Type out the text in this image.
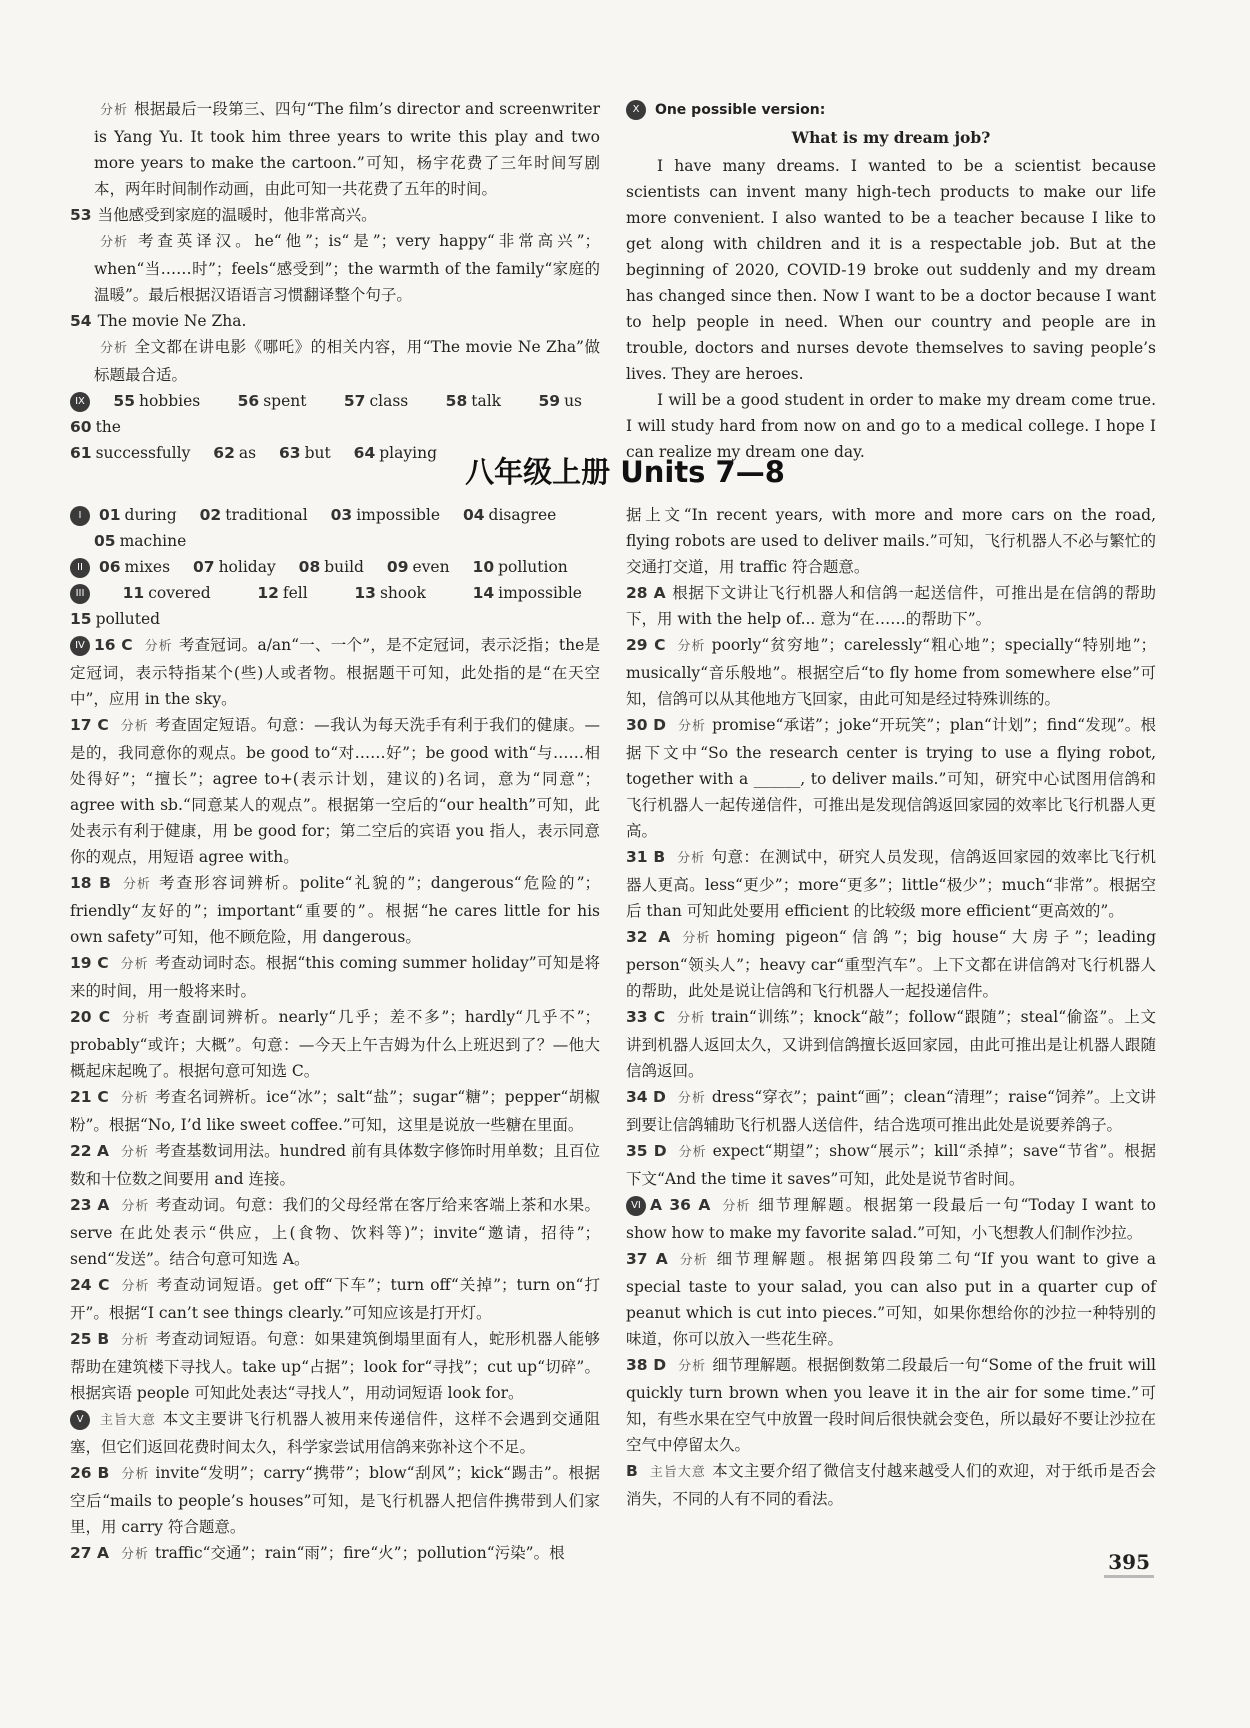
分析 根据最后一段第三、四句“The film’s director and screenwriter is Yang Yu. It took him three years to write this play and two more years to make the cartoon.”可知，杨宇花费了三年时间写剧本，两年时间制作动画，由此可知一共花费了五年的时间。
53 当他感受到家庭的温暖时，他非常高兴。
分析 考查英译汉。he“他”；is“是”；very happy“非常高兴”；when“当……时”；feels“感受到”；the warmth of the family“家庭的温暖”。最后根据汉语语言习惯翻译整个句子。
54 The movie Ne Zha.
分析 全文都在讲电影《哪吒》的相关内容，用“The movie Ne Zha”做标题最合适。
IX 55 hobbies 56 spent 57 class 58 talk 59 us 60 the
61 successfully 62 as 63 but 64 playing
X One possible version:
What is my dream job?

I have many dreams. I wanted to be a scientist because scientists can invent many high-tech products to make our life more convenient. I also wanted to be a teacher because I like to get along with children and it is a respectable job. But at the beginning of 2020, COVID-19 broke out suddenly and my dream has changed since then. Now I want to be a doctor because I want to help people in need. When our country and people are in trouble, doctors and nurses devote themselves to saving people’s lives. They are heroes.

I will be a good student in order to make my dream come true. I will study hard from now on and go to a medical college. I hope I can realize my dream one day.

八年级上册 Units 7—8
I 01 during 02 traditional 03 impossible 04 disagree
05 machine
II 06 mixes 07 holiday 08 build 09 even 10 pollution
III 11 covered	12 fell	13 shook	14 impossible 15 polluted
IV 16 C 分析 考查冠词。a/an“一、一个”，是不定冠词，表示泛指；the是定冠词，表示特指某个(些)人或者物。根据题干可知，此处指的是“在天空中”，应用 in the sky。
17 C 分析 考查固定短语。句意：—我认为每天洗手有利于我们的健康。—是的，我同意你的观点。be good to“对……好”；be good with“与……相处得好”；“擅长”；agree to+(表示计划，建议的)名词，意为“同意”；agree with sb.“同意某人的观点”。根据第一空后的“our health”可知，此处表示有利于健康，用 be good for；第二空后的宾语 you 指人，表示同意你的观点，用短语 agree with。
18 B 分析 考查形容词辨析。polite“礼貌的”；dangerous“危险的”；friendly“友好的”；important“重要的”。根据“he cares little for his own safety”可知，他不顾危险，用 dangerous。
19 C 分析 考查动词时态。根据“this coming summer holiday”可知是将来的时间，用一般将来时。
20 C 分析 考查副词辨析。nearly“几乎；差不多”；hardly“几乎不”；probably“或许；大概”。句意：—今天上午吉姆为什么上班迟到了？—他大概起床起晚了。根据句意可知选 C。
21 C 分析 考查名词辨析。ice“冰”；salt“盐”；sugar“糖”；pepper“胡椒粉”。根据“No, I’d like sweet coffee.”可知，这里是说放一些糖在里面。
22 A 分析 考查基数词用法。hundred 前有具体数字修饰时用单数；且百位数和十位数之间要用 and 连接。
23 A 分析 考查动词。句意：我们的父母经常在客厅给来客端上茶和水果。serve 在此处表示“供应，上(食物、饮料等)”；invite“邀请，招待”；send“发送”。结合句意可知选 A。
24 C 分析 考查动词短语。get off“下车”；turn off“关掉”；turn on“打开”。根据“I can’t see things clearly.”可知应该是打开灯。
25 B 分析 考查动词短语。句意：如果建筑倒塌里面有人，蛇形机器人能够帮助在建筑楼下寻找人。take up“占据”；look for“寻找”；cut up“切碎”。根据宾语 people 可知此处表达“寻找人”，用动词短语 look for。
V 主旨大意 本文主要讲飞行机器人被用来传递信件，这样不会遇到交通阻塞，但它们返回花费时间太久，科学家尝试用信鸽来弥补这个不足。
26 B 分析 invite“发明”；carry“携带”；blow“刮风”；kick“踢击”。根据空后“mails to people’s houses”可知，是飞行机器人把信件携带到人们家里，用 carry 符合题意。
27 A 分析 traffic“交通”；rain“雨”；fire“火”；pollution“污染”。根
据上文“In recent years, with more and more cars on the road, flying robots are used to deliver mails.”可知，飞行机器人不必与繁忙的交通打交道，用 traffic 符合题意。
28 A 根据下文讲让飞行机器人和信鸽一起送信件，可推出是在信鸽的帮助下，用 with the help of... 意为“在……的帮助下”。
29 C 分析 poorly“贫穷地”；carelessly“粗心地”；specially“特别地”；musically“音乐般地”。根据空后“to fly home from somewhere else”可知，信鸽可以从其他地方飞回家，由此可知是经过特殊训练的。
30 D 分析 promise“承诺”；joke“开玩笑”；plan“计划”；find“发现”。根据下文中“So the research center is trying to use a flying robot, together with a ______, to deliver mails.”可知，研究中心试图用信鸽和飞行机器人一起传递信件，可推出是发现信鸽返回家园的效率比飞行机器人更高。
31 B 分析 句意：在测试中，研究人员发现，信鸽返回家园的效率比飞行机器人更高。less“更少”；more“更多”；little“极少”；much“非常”。根据空后 than 可知此处要用 efficient 的比较级 more efficient“更高效的”。
32 A 分析 homing pigeon“信鸽”；big house“大房子”；leading person“领头人”；heavy car“重型汽车”。上下文都在讲信鸽对飞行机器人的帮助，此处是说让信鸽和飞行机器人一起投递信件。
33 C 分析 train“训练”；knock“敲”；follow“跟随”；steal“偷盗”。上文讲到机器人返回太久，又讲到信鸽擅长返回家园，由此可推出是让机器人跟随信鸽返回。
34 D 分析 dress“穿衣”；paint“画”；clean“清理”；raise“饲养”。上文讲到要让信鸽辅助飞行机器人送信件，结合选项可推出此处是说要养鸽子。
35 D 分析 expect“期望”；show“展示”；kill“杀掉”；save“节省”。根据下文“And the time it saves”可知，此处是说节省时间。
VI A 36 A 分析 细节理解题。根据第一段最后一句“Today I want to show how to make my favorite salad.”可知，小飞想教人们制作沙拉。
37 A 分析 细节理解题。根据第四段第二句“If you want to give a special taste to your salad, you can also put in a quarter cup of peanut which is cut into pieces.”可知，如果你想给你的沙拉一种特别的味道，你可以放入一些花生碎。
38 D 分析 细节理解题。根据倒数第二段最后一句“Some of the fruit will quickly turn brown when you leave it in the air for some time.”可知，有些水果在空气中放置一段时间后很快就会变色，所以最好不要让沙拉在空气中停留太久。
B 主旨大意 本文主要介绍了微信支付越来越受人们的欢迎，对于纸币是否会消失，不同的人有不同的看法。
395
